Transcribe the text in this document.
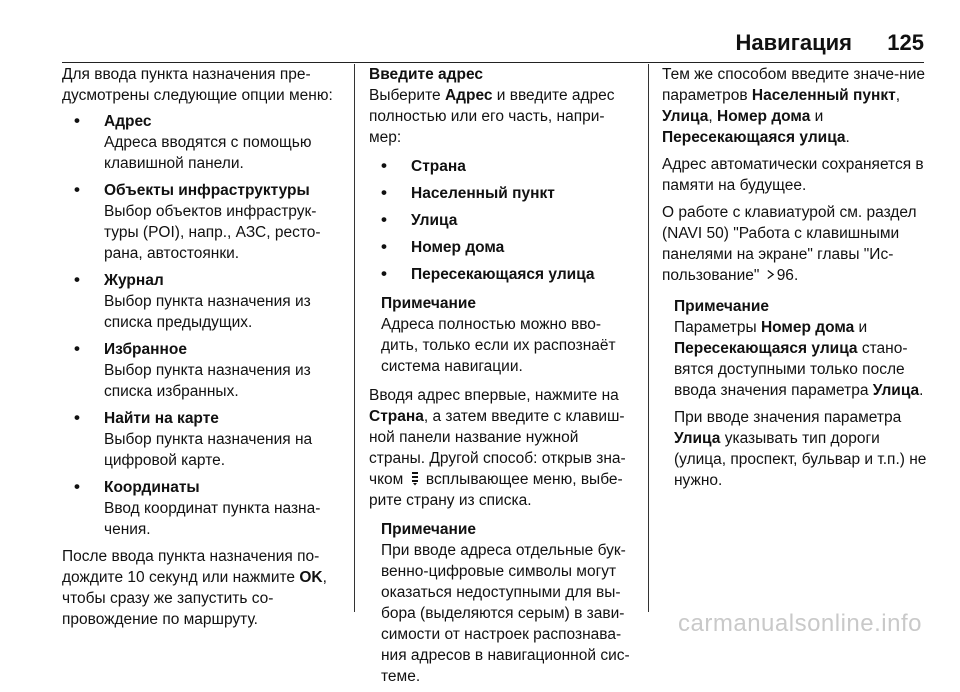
Навигация 125

Для ввода пункта назначения пре-дусмотрены следующие опции меню:

• Адрес
Адреса вводятся с помощью клавишной панели.
• Объекты инфраструктуры
Выбор объектов инфраструк-туры (POI), напр., АЗС, ресто-рана, автостоянки.
• Журнал
Выбор пункта назначения из списка предыдущих.
• Избранное
Выбор пункта назначения из списка избранных.
• Найти на карте
Выбор пункта назначения на цифровой карте.
• Координаты
Ввод координат пункта назна-чения.

После ввода пункта назначения по-дождите 10 секунд или нажмите OK, чтобы сразу же запустить со-провождение по маршруту.

Введите адрес

Выберите Адрес и введите адрес полностью или его часть, напри-мер:

• Страна
• Населенный пункт
• Улица
• Номер дома
• Пересекающаяся улица
Примечание

Адреса полностью можно вво-дить, только если их распознаёт система навигации.

Вводя адрес впервые, нажмите на Страна, а затем введите с клавиш-ной панели название нужной страны. Другой способ: открыв зна-чком  всплывающее меню, выбе-рите страну из списка.

Примечание

При вводе адреса отдельные бук-венно-цифровые символы могут оказаться недоступными для вы-бора (выделяются серым) в зави-симости от настроек распознава-ния адресов в навигационной сис-теме.

Тем же способом введите значе-ние параметров Населенный пункт, Улица, Номер дома и Пересекающаяся улица.

Адрес автоматически сохраняется в памяти на будущее.

О работе с клавиатурой см. раздел (NAVI 50) "Работа с клавишными панелями на экране" главы "Ис-пользование" 96.

Примечание

Параметры Номер дома и Пересекающаяся улица стано-вятся доступными только после ввода значения параметра Улица.

При вводе значения параметра Улица указывать тип дороги (улица, проспект, бульвар и т.п.) не нужно.

carmanualsonline.info
